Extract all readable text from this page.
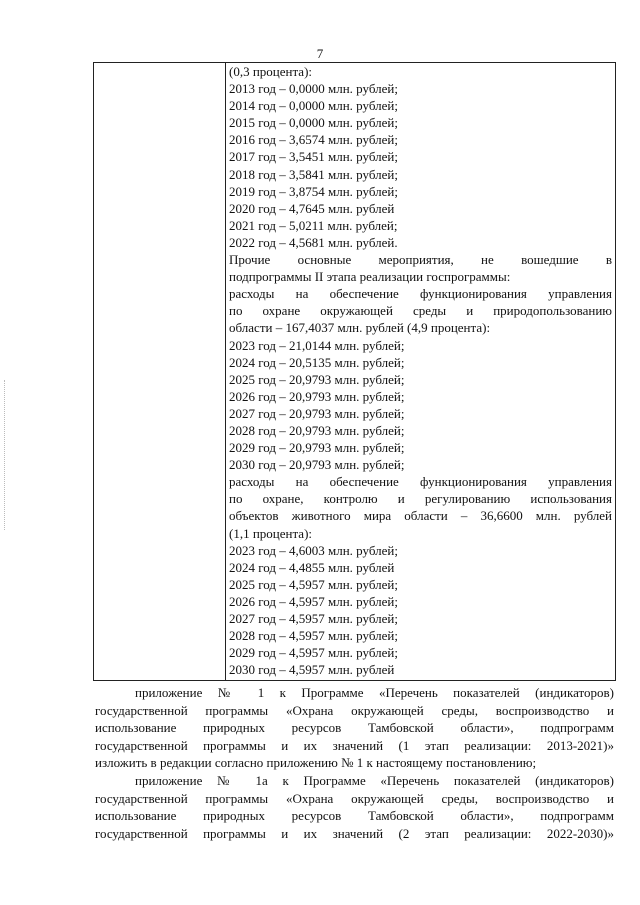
7
(0,3 процента):
2013 год – 0,0000 млн. рублей;
2014 год – 0,0000 млн. рублей;
2015 год – 0,0000 млн. рублей;
2016 год – 3,6574 млн. рублей;
2017 год – 3,5451 млн. рублей;
2018 год – 3,5841 млн. рублей;
2019 год – 3,8754 млн. рублей;
2020 год – 4,7645 млн. рублей
2021 год – 5,0211 млн. рублей;
2022 год – 4,5681 млн. рублей.
Прочие основные мероприятия, не вошедшие в
подпрограммы II этапа реализации госпрограммы:
расходы на обеспечение функционирования управления
по охране окружающей среды и природопользованию
области – 167,4037 млн. рублей (4,9 процента):
2023 год – 21,0144 млн. рублей;
2024 год – 20,5135 млн. рублей;
2025 год – 20,9793 млн. рублей;
2026 год – 20,9793 млн. рублей;
2027 год – 20,9793 млн. рублей;
2028 год – 20,9793 млн. рублей;
2029 год – 20,9793 млн. рублей;
2030 год – 20,9793 млн. рублей;
расходы на обеспечение функционирования управления
по охране, контролю и регулированию использования
объектов животного мира области – 36,6600 млн. рублей
(1,1 процента):
2023 год – 4,6003 млн. рублей;
2024 год – 4,4855 млн. рублей
2025 год – 4,5957 млн. рублей;
2026 год – 4,5957 млн. рублей;
2027 год – 4,5957 млн. рублей;
2028 год – 4,5957 млн. рублей;
2029 год – 4,5957 млн. рублей;
2030 год – 4,5957 млн. рублей
приложение № 1 к Программе «Перечень показателей (индикаторов)
государственной программы «Охрана окружающей среды, воспроизводство и
использование природных ресурсов Тамбовской области», подпрограмм
государственной программы и их значений (1 этап реализации: 2013-2021)»
изложить в редакции согласно приложению № 1 к настоящему постановлению;
приложение № 1а к Программе «Перечень показателей (индикаторов)
государственной программы «Охрана окружающей среды, воспроизводство и
использование природных ресурсов Тамбовской области», подпрограмм
государственной программы и их значений (2 этап реализации: 2022-2030)»
